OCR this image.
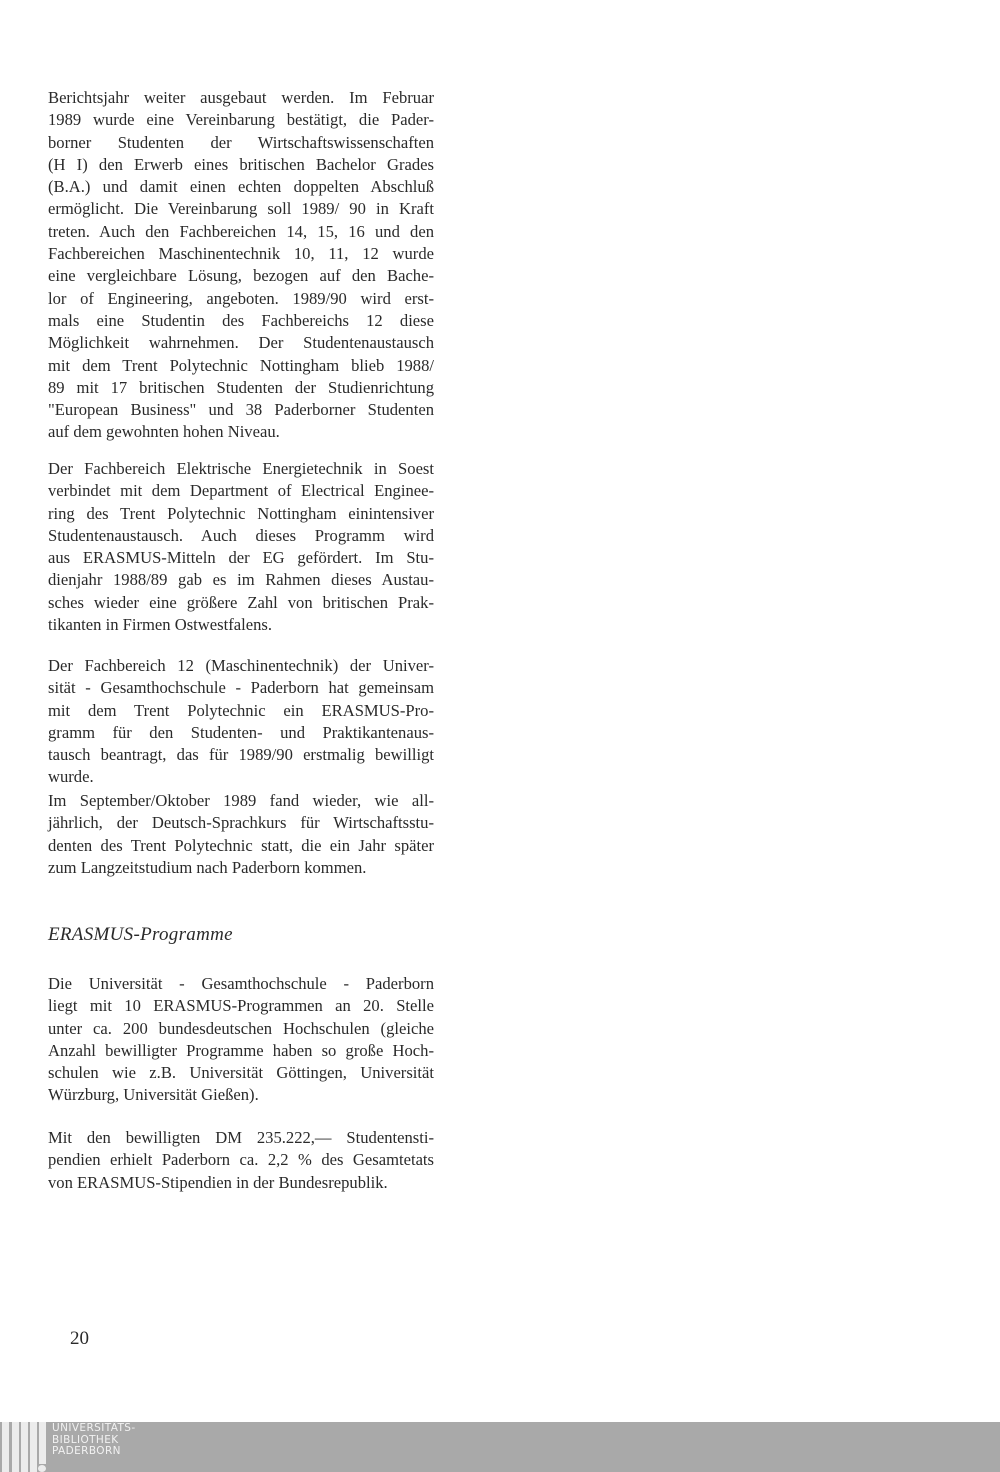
Berichtsjahr weiter ausgebaut werden. Im Februar
1989 wurde eine Vereinbarung bestätigt, die Pader-
borner Studenten der Wirtschaftswissenschaften
(H I) den Erwerb eines britischen Bachelor Grades
(B.A.) und damit einen echten doppelten Abschluß
ermöglicht. Die Vereinbarung soll 1989/ 90 in Kraft
treten. Auch den Fachbereichen 14, 15, 16 und den
Fachbereichen Maschinentechnik 10, 11, 12 wurde
eine vergleichbare Lösung, bezogen auf den Bache-
lor of Engineering, angeboten. 1989/90 wird erst-
mals eine Studentin des Fachbereichs 12 diese
Möglichkeit wahrnehmen. Der Studentenaustausch
mit dem Trent Polytechnic Nottingham blieb 1988/
89 mit 17 britischen Studenten der Studienrichtung
"European Business" und 38 Paderborner Studenten
auf dem gewohnten hohen Niveau.
Der Fachbereich Elektrische Energietechnik in Soest
verbindet mit dem Department of Electrical Enginee-
ring des Trent Polytechnic Nottingham einintensiver
Studentenaustausch. Auch dieses Programm wird
aus ERASMUS-Mitteln der EG gefördert. Im Stu-
dienjahr 1988/89 gab es im Rahmen dieses Austau-
sches wieder eine größere Zahl von britischen Prak-
tikanten in Firmen Ostwestfalens.
Der Fachbereich 12 (Maschinentechnik) der Univer-
sität - Gesamthochschule - Paderborn hat gemeinsam
mit dem Trent Polytechnic ein ERASMUS-Pro-
gramm für den Studenten- und Praktikantenaus-
tausch beantragt, das für 1989/90 erstmalig bewilligt
wurde.
Im September/Oktober 1989 fand wieder, wie all-
jährlich, der Deutsch-Sprachkurs für Wirtschaftsstu-
denten des Trent Polytechnic statt, die ein Jahr später
zum Langzeitstudium nach Paderborn kommen.
ERASMUS-Programme
Die Universität - Gesamthochschule - Paderborn
liegt mit 10 ERASMUS-Programmen an 20. Stelle
unter ca. 200 bundesdeutschen Hochschulen (gleiche
Anzahl bewilligter Programme haben so große Hoch-
schulen wie z.B. Universität Göttingen, Universität
Würzburg, Universität Gießen).
Mit den bewilligten DM 235.222,— Studentensti-
pendien erhielt Paderborn ca. 2,2 % des Gesamtetats
von ERASMUS-Stipendien in der Bundesrepublik.
20
UNIVERSITÄTS-
BIBLIOTHEK
PADERBORN
